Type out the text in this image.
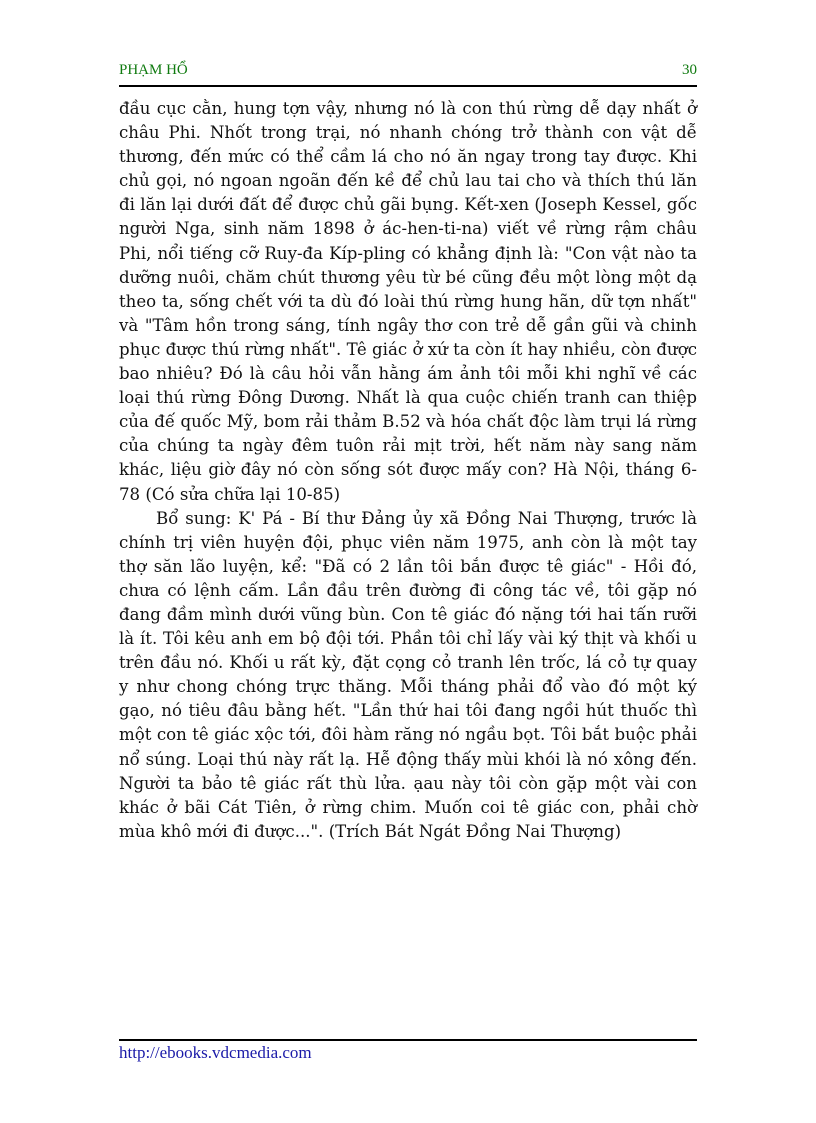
PHẠM HỔ	30

đầu cục cằn, hung tợn vậy, nhưng nó là con thú rừng dễ dạy nhất ở châu Phi. Nhốt trong trại, nó nhanh chóng trở thành con vật dễ thương, đến mức có thể cầm lá cho nó ăn ngay trong tay được. Khi chủ gọi, nó ngoan ngoãn đến kề để chủ lau tai cho và thích thú lăn đi lăn lại dưới đất để được chủ gãi bụng. Kết-xen (Joseph Kessel, gốc người Nga, sinh năm 1898 ở ác-hen-ti-na) viết về rừng rậm châu Phi, nổi tiếng cỡ Ruy-đa Kíp-pling có khẳng định là: "Con vật nào ta dưỡng nuôi, chăm chút thương yêu từ bé cũng đều một lòng một dạ theo ta, sống chết với ta dù đó loài thú rừng hung hãn, dữ tợn nhất" và "Tâm hồn trong sáng, tính ngây thơ con trẻ dễ gần gũi và chinh phục được thú rừng nhất". Tê giác ở xứ ta còn ít hay nhiều, còn được bao nhiêu? Đó là câu hỏi vẫn hằng ám ảnh tôi mỗi khi nghĩ về các loại thú rừng Đông Dương. Nhất là qua cuộc chiến tranh can thiệp của đế quốc Mỹ, bom rải thảm B.52 và hóa chất độc làm trụi lá rừng của chúng ta ngày đêm tuôn rải mịt trời, hết năm này sang năm khác, liệu giờ đây nó còn sống sót được mấy con? Hà Nội, tháng 6-78 (Có sửa chữa lại 10-85)

Bổ sung: K' Pá - Bí thư Đảng ủy xã Đồng Nai Thượng, trước là chính trị viên huyện đội, phục viên năm 1975, anh còn là một tay thợ săn lão luyện, kể: "Đã có 2 lần tôi bắn được tê giác" - Hồi đó, chưa có lệnh cấm. Lần đầu trên đường đi công tác về, tôi gặp nó đang đầm mình dưới vũng bùn. Con tê giác đó nặng tới hai tấn rưỡi là ít. Tôi kêu anh em bộ đội tới. Phần tôi chỉ lấy vài ký thịt và khối u trên đầu nó. Khối u rất kỳ, đặt cọng cỏ tranh lên trốc, lá cỏ tự quay y như chong chóng trực thăng. Mỗi tháng phải đổ vào đó một ký gạo, nó tiêu đâu bằng hết. "Lần thứ hai tôi đang ngồi hút thuốc thì một con tê giác xộc tới, đôi hàm răng nó ngầu bọt. Tôi bắt buộc phải nổ súng. Loại thú này rất lạ. Hễ động thấy mùi khói là nó xông đến. Người ta bảo tê giác rất thù lửa. ạau này tôi còn gặp một vài con khác ở bãi Cát Tiên, ở rừng chim. Muốn coi tê giác con, phải chờ mùa khô mới đi được...". (Trích Bát Ngát Đồng Nai Thượng)

http://ebooks.vdcmedia.com
